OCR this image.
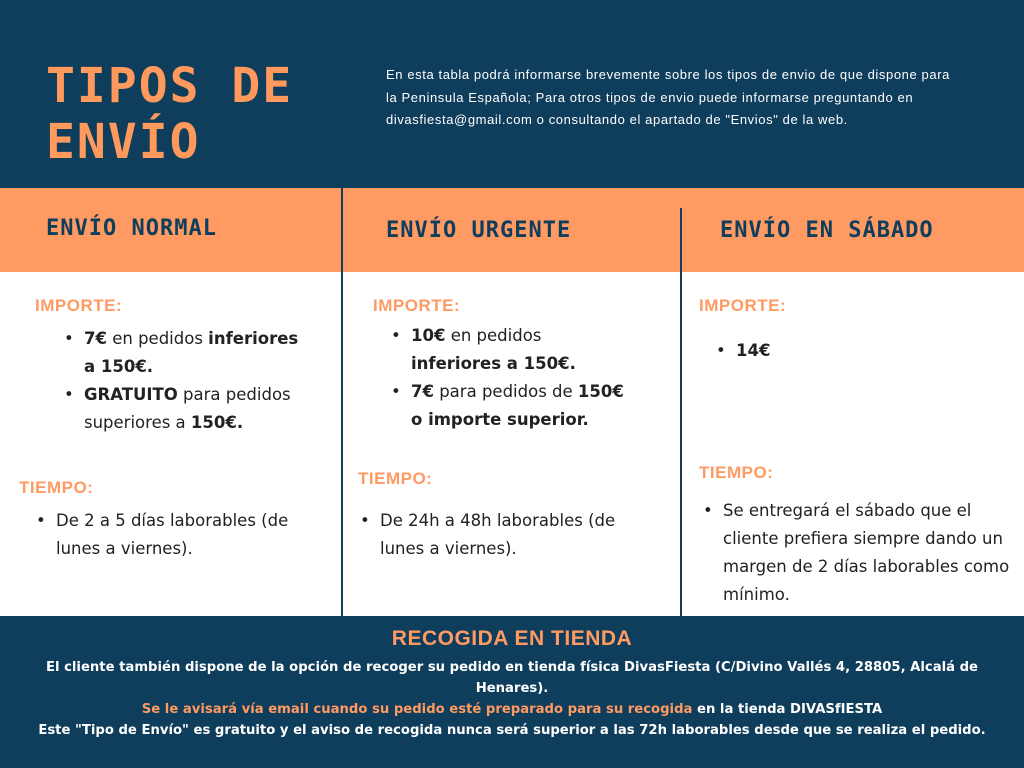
TIPOS DE
ENVÍO
En esta tabla podrá informarse brevemente sobre los tipos de envio de que dispone para la Peninsula Española; Para otros tipos de envio puede informarse preguntando en divasfiesta@gmail.com o consultando el apartado de "Envios" de la web.
ENVÍO NORMAL
IMPORTE:
• 7€ en pedidos inferiores a 150€.
• GRATUITO para pedidos superiores a 150€.
TIEMPO:
• De 2 a 5 días laborables (de lunes a viernes).
ENVÍO URGENTE
IMPORTE:
• 10€ en pedidos inferiores a 150€.
• 7€ para pedidos de 150€ o importe superior.
TIEMPO:
• De 24h a 48h laborables (de lunes a viernes).
ENVÍO EN SÁBADO
IMPORTE:
• 14€
TIEMPO:
• Se entregará el sábado que el cliente prefiera siempre dando un margen de 2 días laborables como mínimo.
RECOGIDA EN TIENDA
El cliente también dispone de la opción de recoger su pedido en tienda física DivasFiesta (C/Divino Vallés 4, 28805, Alcalá de Henares).
Se le avisará vía email cuando su pedido esté preparado para su recogida en la tienda DIVASfIESTA
Este "Tipo de Envío" es gratuito y el aviso de recogida nunca será superior a las 72h laborables desde que se realiza el pedido.
